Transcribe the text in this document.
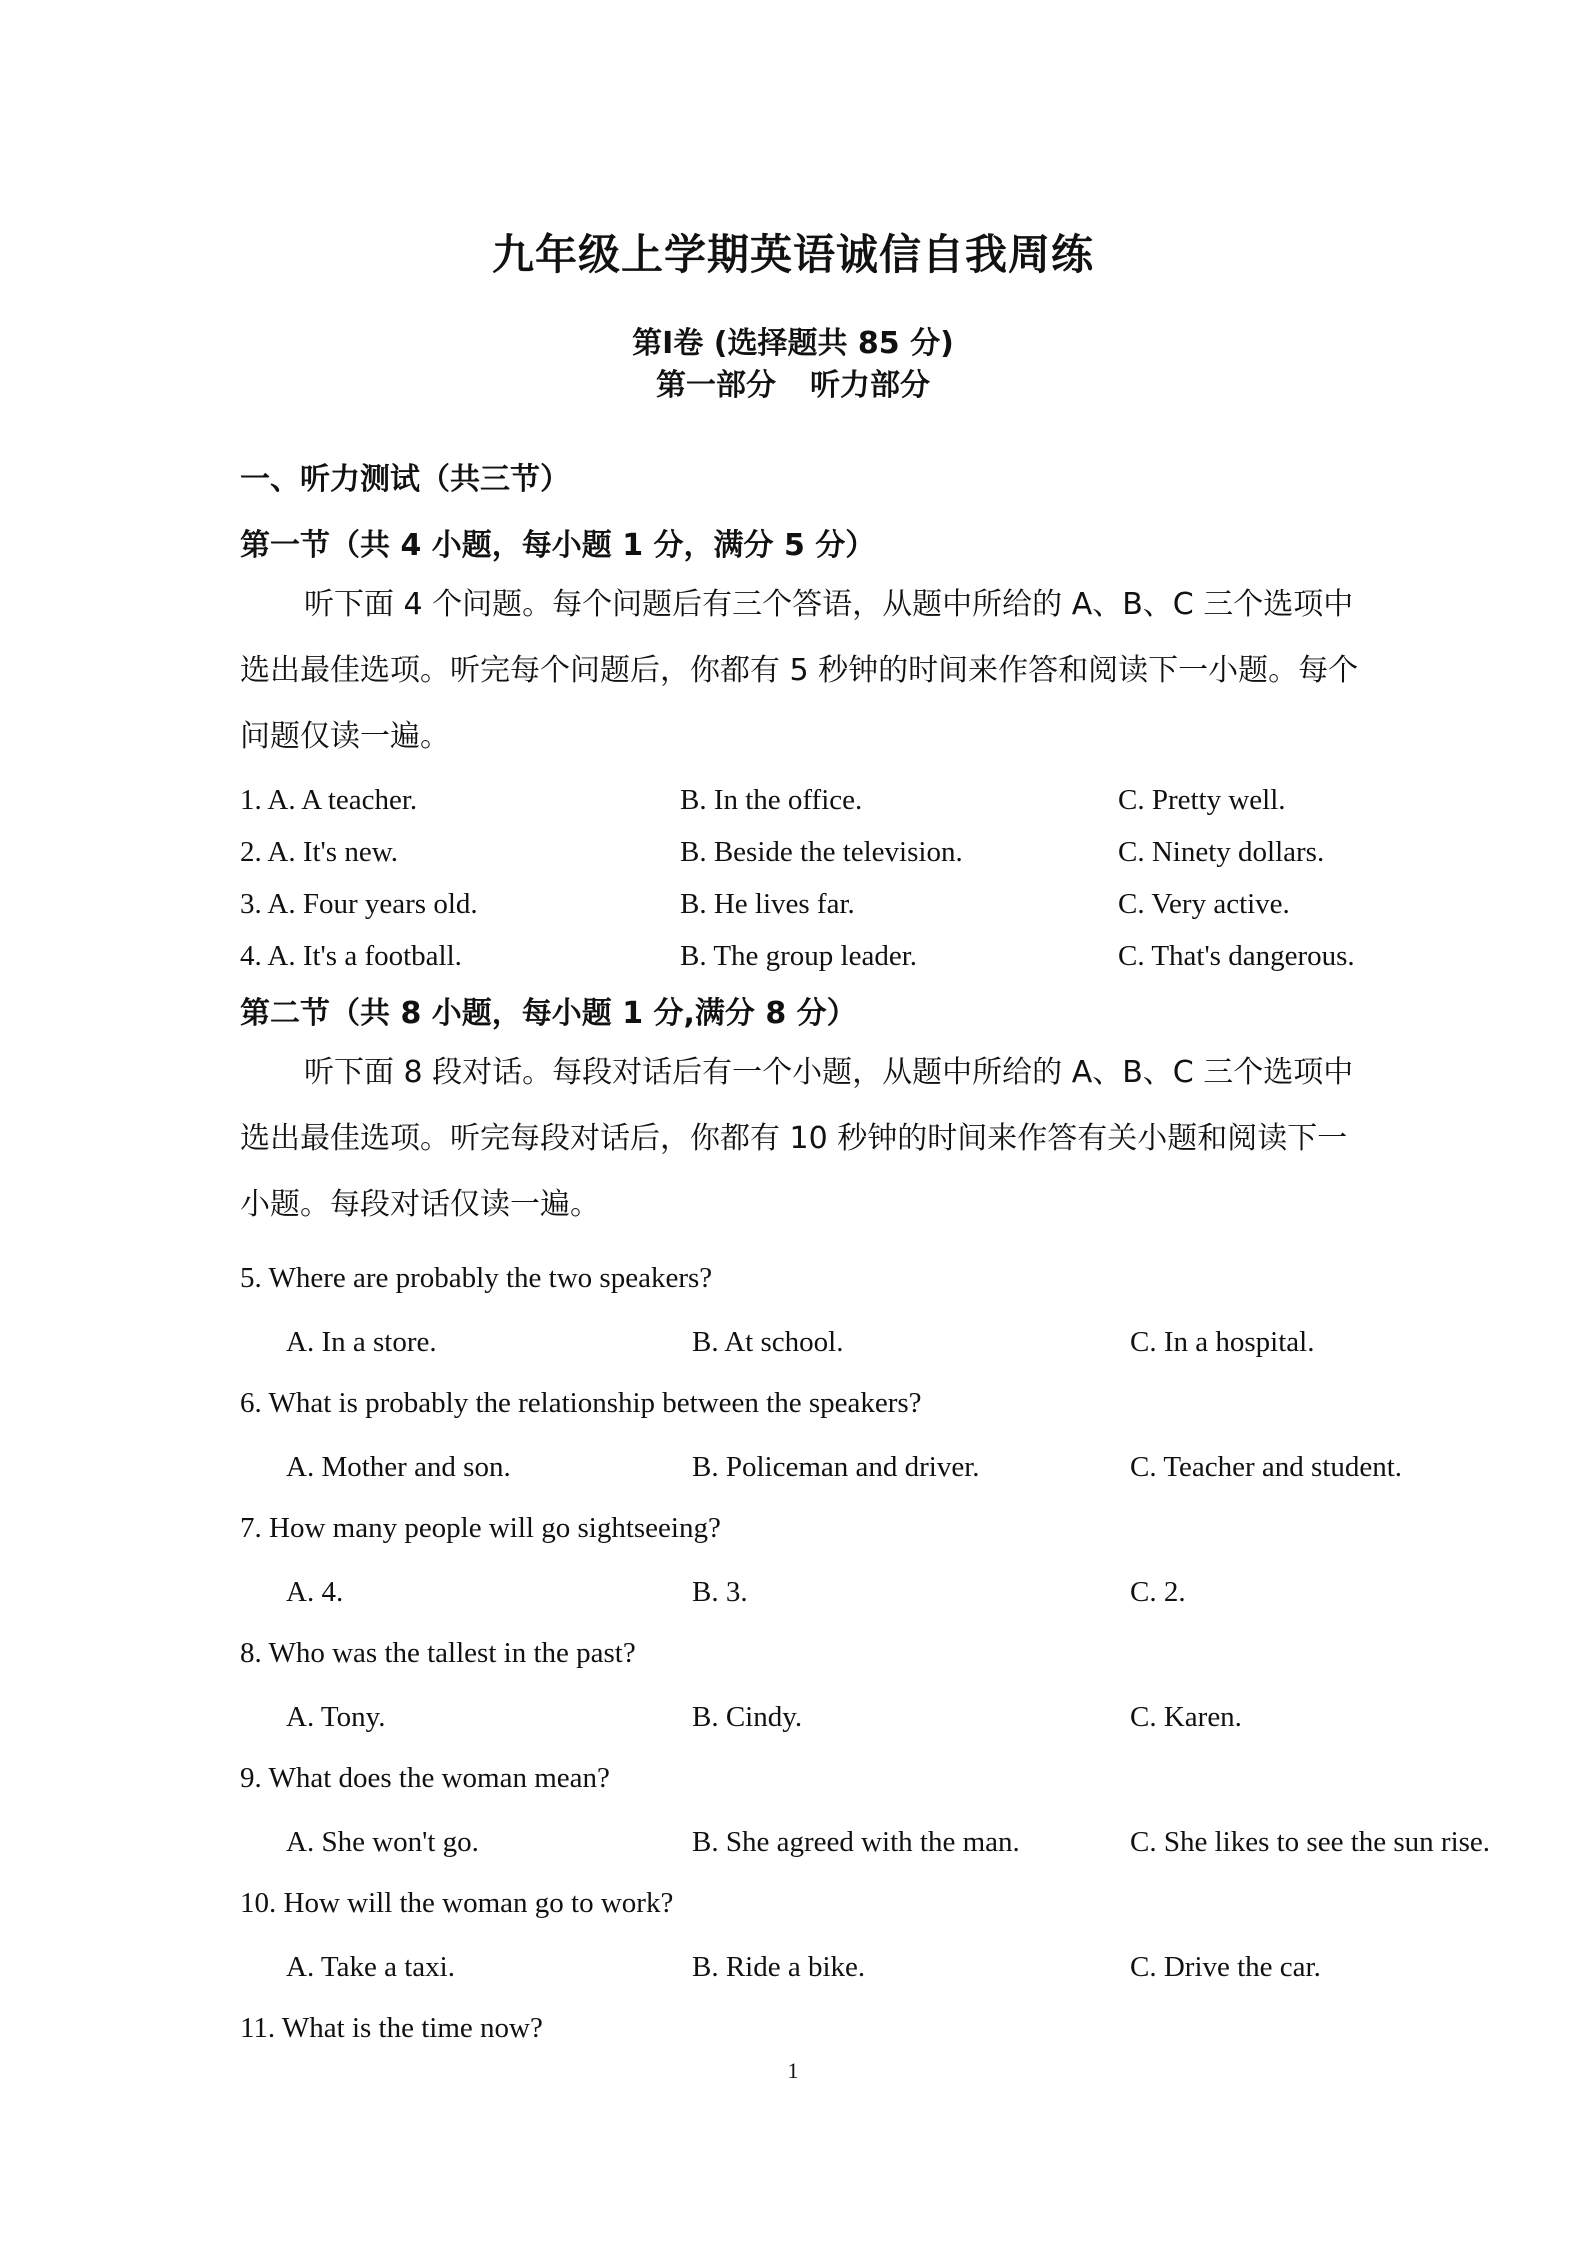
九年级上学期英语诚信自我周练
第Ⅰ卷 (选择题共 85 分)
第一部分 听力部分
一、听力测试（共三节）
第一节（共 4 小题，每小题 1 分，满分 5 分）
听下面 4 个问题。每个问题后有三个答语，从题中所给的 A、B、C 三个选项中选出最佳选项。听完每个问题后，你都有 5 秒钟的时间来作答和阅读下一小题。每个问题仅读一遍。
1. A. A teacher.	B. In the office.	C. Pretty well.
2. A. It's new.	B. Beside the television.	C. Ninety dollars.
3. A. Four years old.	B. He lives far.	C. Very active.
4. A. It's a football.	B. The group leader.	C. That's dangerous.
第二节（共 8 小题，每小题 1 分,满分 8 分）
听下面 8 段对话。每段对话后有一个小题，从题中所给的 A、B、C 三个选项中选出最佳选项。听完每段对话后，你都有 10 秒钟的时间来作答有关小题和阅读下一小题。每段对话仅读一遍。
5. Where are probably the two speakers?
A. In a store.	B. At school.	C. In a hospital.
6. What is probably the relationship between the speakers?
A. Mother and son.	B. Policeman and driver.	C. Teacher and student.
7. How many people will go sightseeing?
A. 4.	B. 3.	C. 2.
8. Who was the tallest in the past?
A. Tony.	B. Cindy.	C. Karen.
9. What does the woman mean?
A. She won't go.	B. She agreed with the man.	C. She likes to see the sun rise.
10. How will the woman go to work?
A. Take a taxi.	B. Ride a bike.	C. Drive the car.
11. What is the time now?
1
